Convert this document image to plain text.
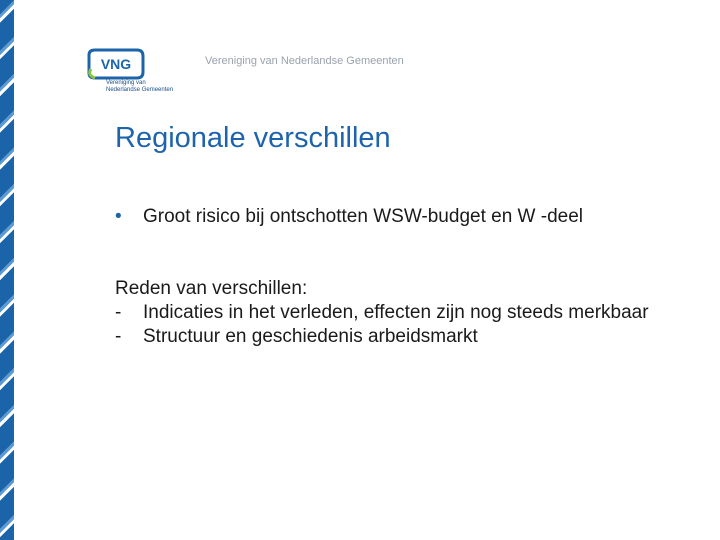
VNG
Vereniging van
Nederlandse Gemeenten
Vereniging van Nederlandse Gemeenten
Regionale verschillen
• Groot risico bij ontschotten WSW-budget en W -deel
Reden van verschillen:
- Indicaties in het verleden, effecten zijn nog steeds merkbaar
- Structuur en geschiedenis arbeidsmarkt
